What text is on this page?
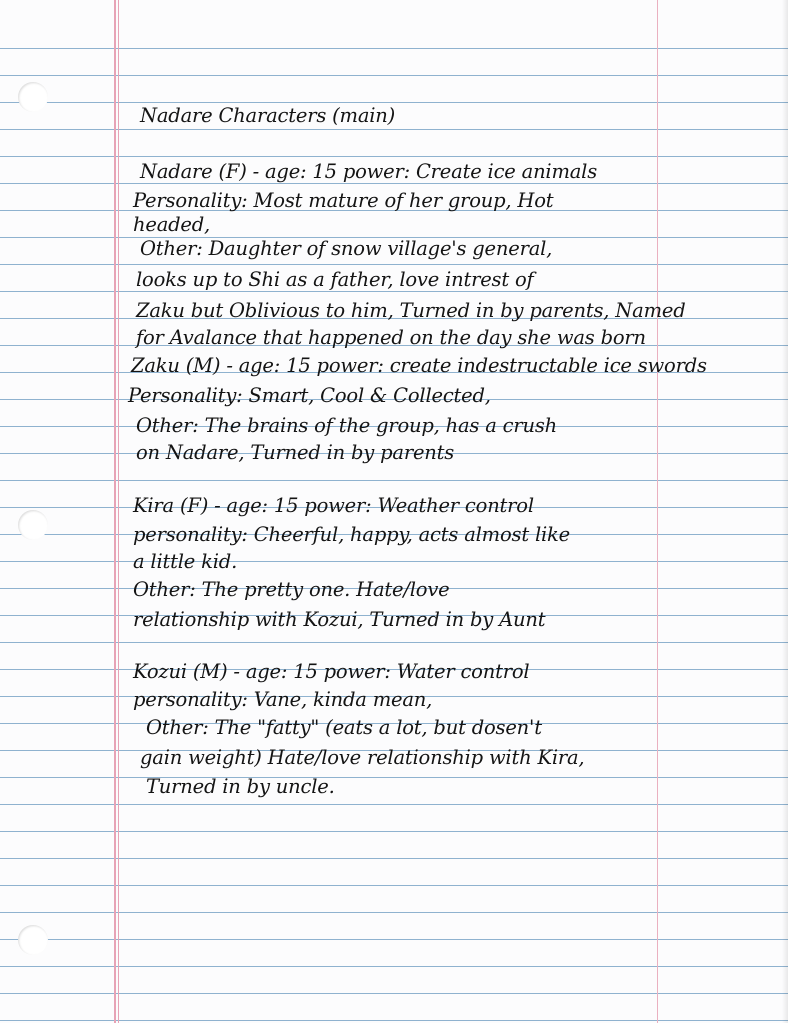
Nadare Characters (main)
Nadare (F) - age: 15 power: Create ice animals
Personality: Most mature of her group, Hot
headed,
Other: Daughter of snow village's general,
looks up to Shi as a father, love intrest of
Zaku but Oblivious to him, Turned in by parents, Named
for Avalance that happened on the day she was born
Zaku (M) - age: 15 power: create indestructable ice swords
Personality: Smart, Cool & Collected,
Other: The brains of the group, has a crush
on Nadare, Turned in by parents
Kira (F) - age: 15 power: Weather control
personality: Cheerful, happy, acts almost like
a little kid.
Other: The pretty one. Hate/love
relationship with Kozui, Turned in by Aunt
Kozui (M) - age: 15 power: Water control
personality: Vane, kinda mean,
Other: The "fatty" (eats a lot, but dosen't
gain weight) Hate/love relationship with Kira,
Turned in by uncle.
